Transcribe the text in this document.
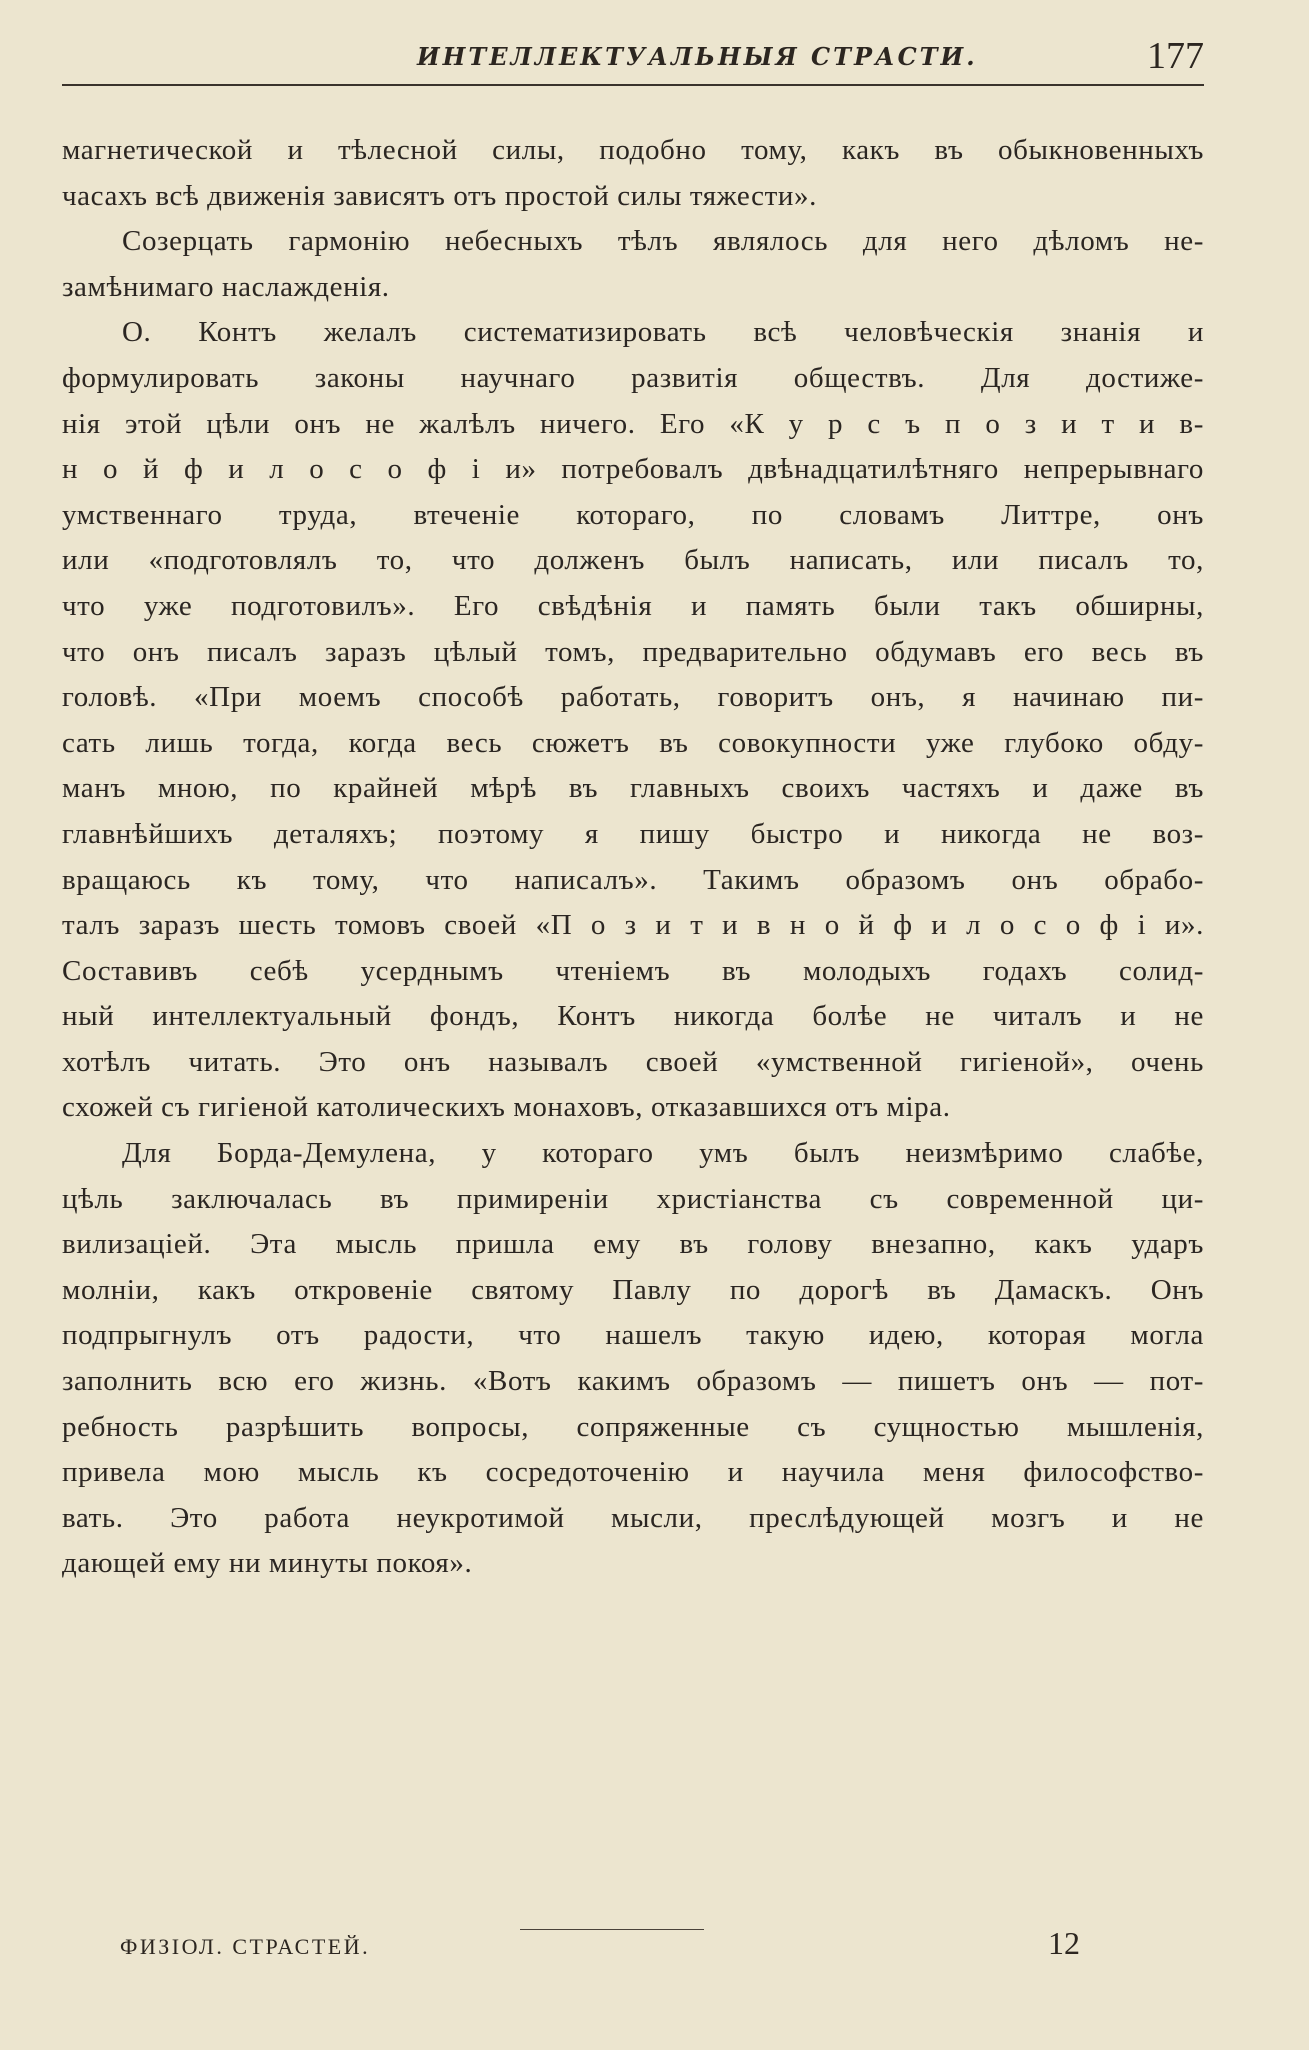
ИНТЕЛЛЕКТУАЛЬНЫЯ СТРАСТИ.	177
магнетической и тѣлесной силы, подобно тому, какъ въ обыкновенныхъ
часахъ всѣ движенія зависятъ отъ простой силы тяжести».
Созерцать гармонію небесныхъ тѣлъ являлось для него дѣломъ не-
замѣнимаго наслажденія.
О. Контъ желалъ систематизировать всѣ человѣческія знанія и
формулировать законы научнаго развитія обществъ. Для достиже-
нія этой цѣли онъ не жалѣлъ ничего. Его «К у р с ъ п о з и т и в-
н о й ф и л о с о ф і и» потребовалъ двѣнадцатилѣтняго непрерывнаго
умственнаго труда, втеченіе котораго, по словамъ Литтре, онъ
или «подготовлялъ то, что долженъ былъ написать, или писалъ то,
что уже подготовилъ». Его свѣдѣнія и память были такъ обширны,
что онъ писалъ заразъ цѣлый томъ, предварительно обдумавъ его весь въ
головѣ. «При моемъ способѣ работать, говоритъ онъ, я начинаю пи-
сать лишь тогда, когда весь сюжетъ въ совокупности уже глубоко обду-
манъ мною, по крайней мѣрѣ въ главныхъ своихъ частяхъ и даже въ
главнѣйшихъ деталяхъ; поэтому я пишу быстро и никогда не воз-
вращаюсь къ тому, что написалъ». Такимъ образомъ онъ обрабо-
талъ заразъ шесть томовъ своей «П о з и т и в н о й ф и л о с о ф і и».
Составивъ себѣ усерднымъ чтеніемъ въ молодыхъ годахъ солид-
ный интеллектуальный фондъ, Контъ никогда болѣе не читалъ и не
хотѣлъ читать. Это онъ называлъ своей «умственной гигіеной», очень
схожей съ гигіеной католическихъ монаховъ, отказавшихся отъ міра.
Для Борда-Демулена, у котораго умъ былъ неизмѣримо слабѣе,
цѣль заключалась въ примиреніи христіанства съ современной ци-
вилизаціей. Эта мысль пришла ему въ голову внезапно, какъ ударъ
молніи, какъ откровеніе святому Павлу по дорогѣ въ Дамаскъ. Онъ
подпрыгнулъ отъ радости, что нашелъ такую идею, которая могла
заполнить всю его жизнь. «Вотъ какимъ образомъ — пишетъ онъ — пот-
ребность разрѣшить вопросы, сопряженные съ сущностью мышленія,
привела мою мысль къ сосредоточенію и научила меня философство-
вать. Это работа неукротимой мысли, преслѣдующей мозгъ и не
дающей ему ни минуты покоя».
ФИЗІОЛ. СТРАСТЕЙ.	12
